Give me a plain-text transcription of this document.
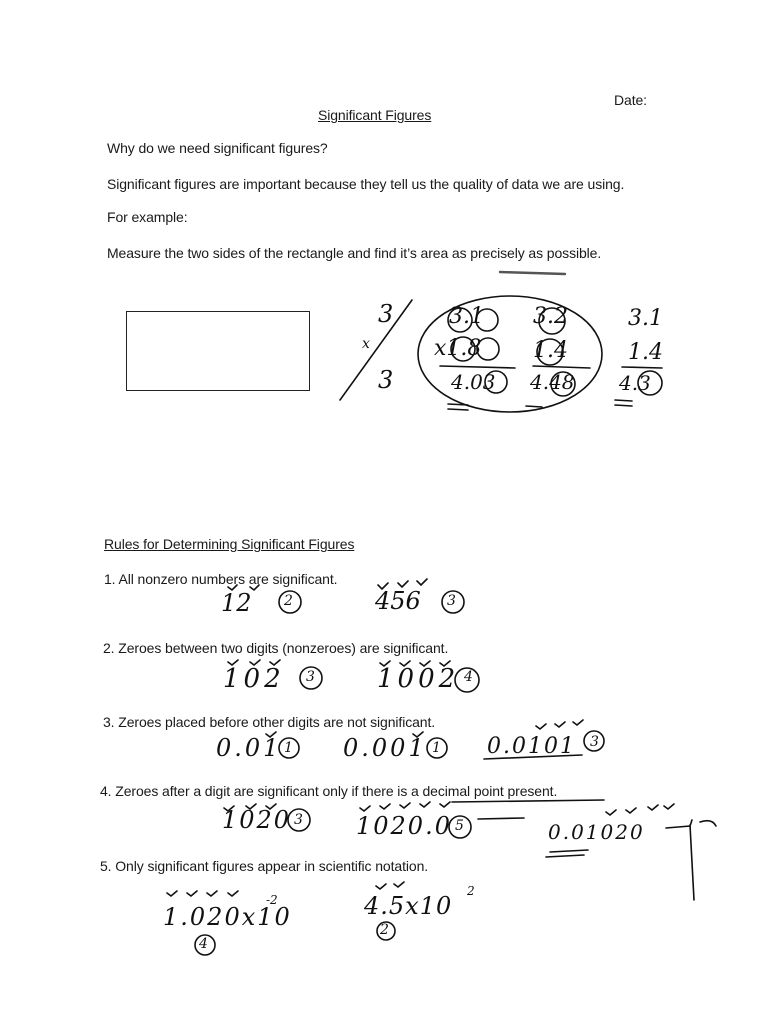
Date:
Significant Figures
Why do we need significant figures?
Significant figures are important because they tell us the quality of data we are using.
For example:
Measure the two sides of the rectangle and find it’s area as precisely as possible.
3
x
3
3.1
x1.8
4.03
3.2
1.4
4.48
3.1
1.4
4.3
Rules for Determining Significant Figures
1. All nonzero numbers are significant.
12 2	456 3
2. Zeroes between two digits (nonzeroes) are significant.
102 3 1002 4
3. Zeroes placed before other digits are not significant.
0.01 1 0.001 1 0.0101 3
4. Zeroes after a digit are significant only if there is a decimal point present.
1020 3 1020.0 5	0.01020
5. Only significant figures appear in scientific notation.
1.020x10
-2
4
4.5x10
2
2
